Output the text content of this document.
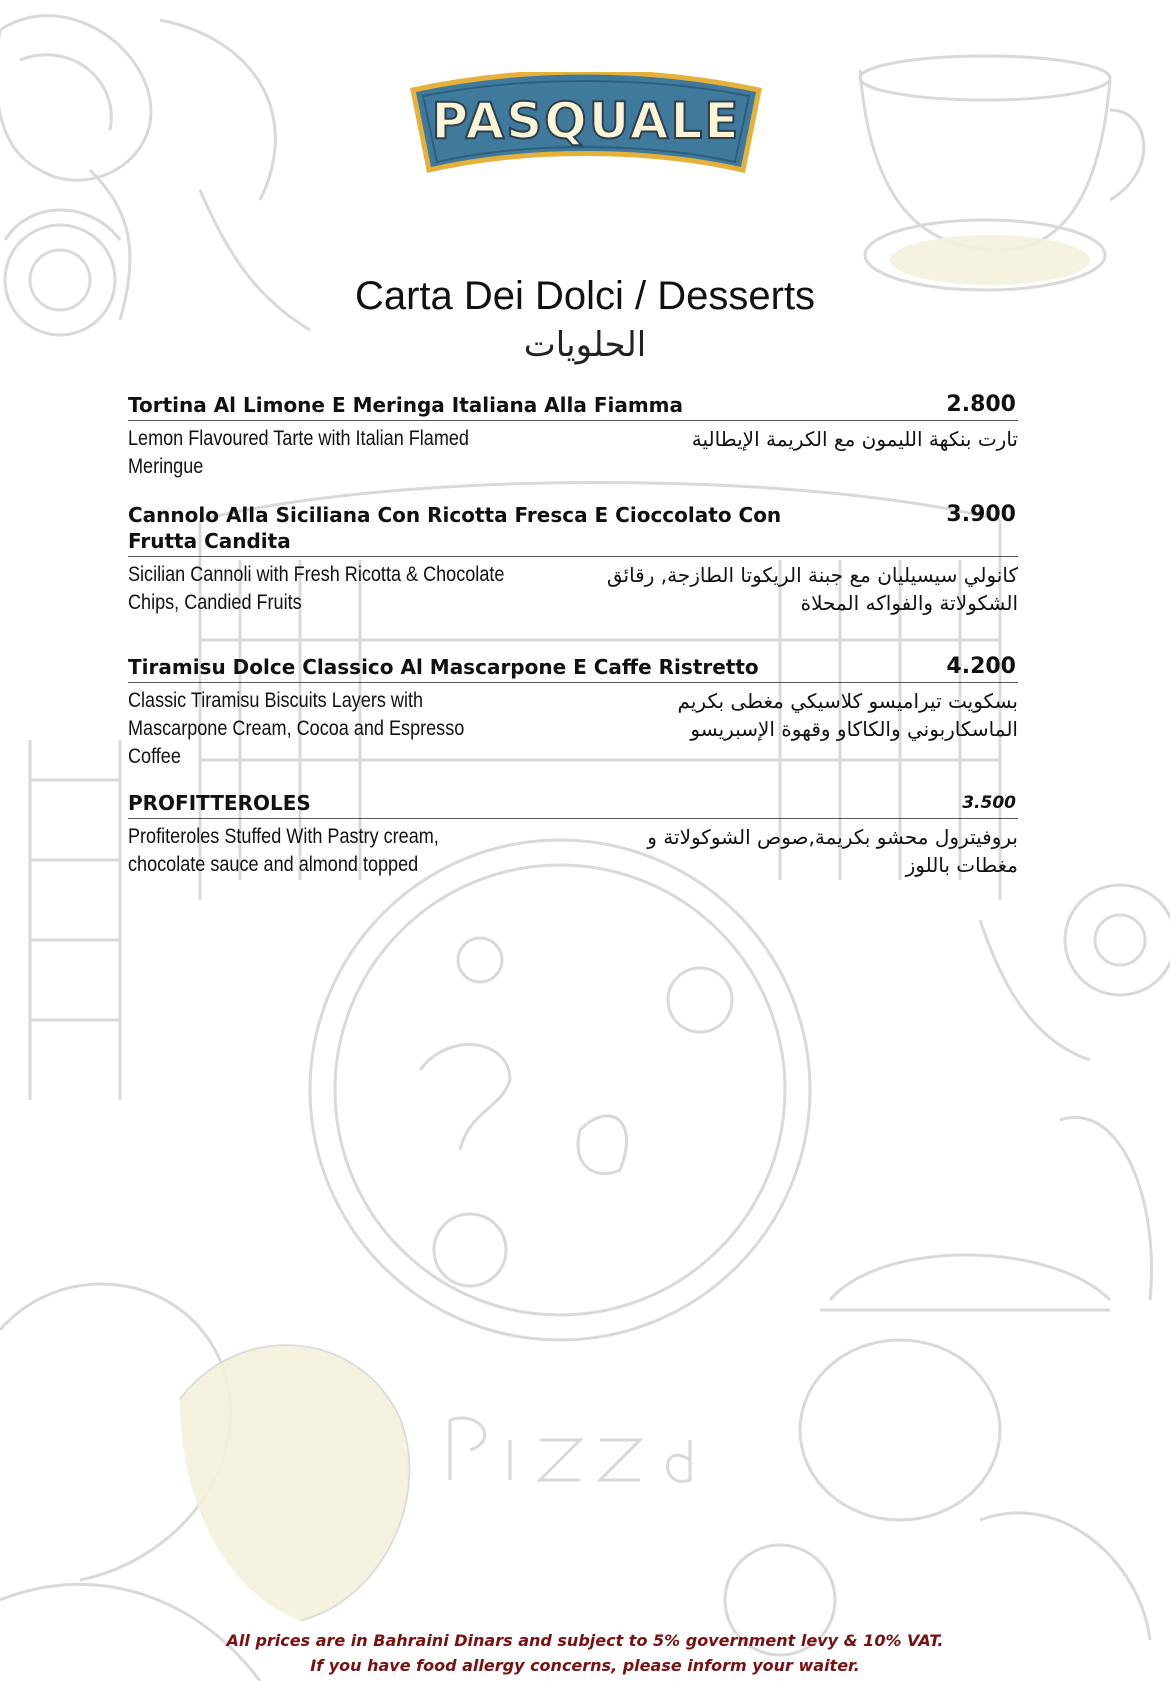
PASQUALE

Carta Dei Dolci / Desserts

الحلويات

Tortina Al Limone E Meringa Italiana Alla Fiamma	2.800
Lemon Flavoured Tarte with Italian Flamed Meringue
تارت بنكهة الليمون مع الكريمة الإيطالية
Cannolo Alla Siciliana Con Ricotta Fresca E Cioccolato Con Frutta Candita
3.900
Sicilian Cannoli with Fresh Ricotta & Chocolate Chips, Candied Fruits
كانولي سيسيليان مع جبنة الريكوتا الطازجة, رقائق الشكولاتة والفواكه المحلاة
Tiramisu Dolce Classico Al Mascarpone E Caffe Ristretto	4.200
Classic Tiramisu Biscuits Layers with Mascarpone Cream, Cocoa and Espresso Coffee
بسكويت تيراميسو كلاسيكي مغطى بكريم الماسكاربوني والكاكاو وقهوة الإسبريسو
PROFITTEROLES	3.500
Profiteroles Stuffed With Pastry cream, chocolate sauce and almond topped
بروفيترول محشو بكريمة,صوص الشوكولاتة و مغطات باللوز
All prices are in Bahraini Dinars and subject to 5% government levy & 10% VAT.
If you have food allergy concerns, please inform your waiter.
